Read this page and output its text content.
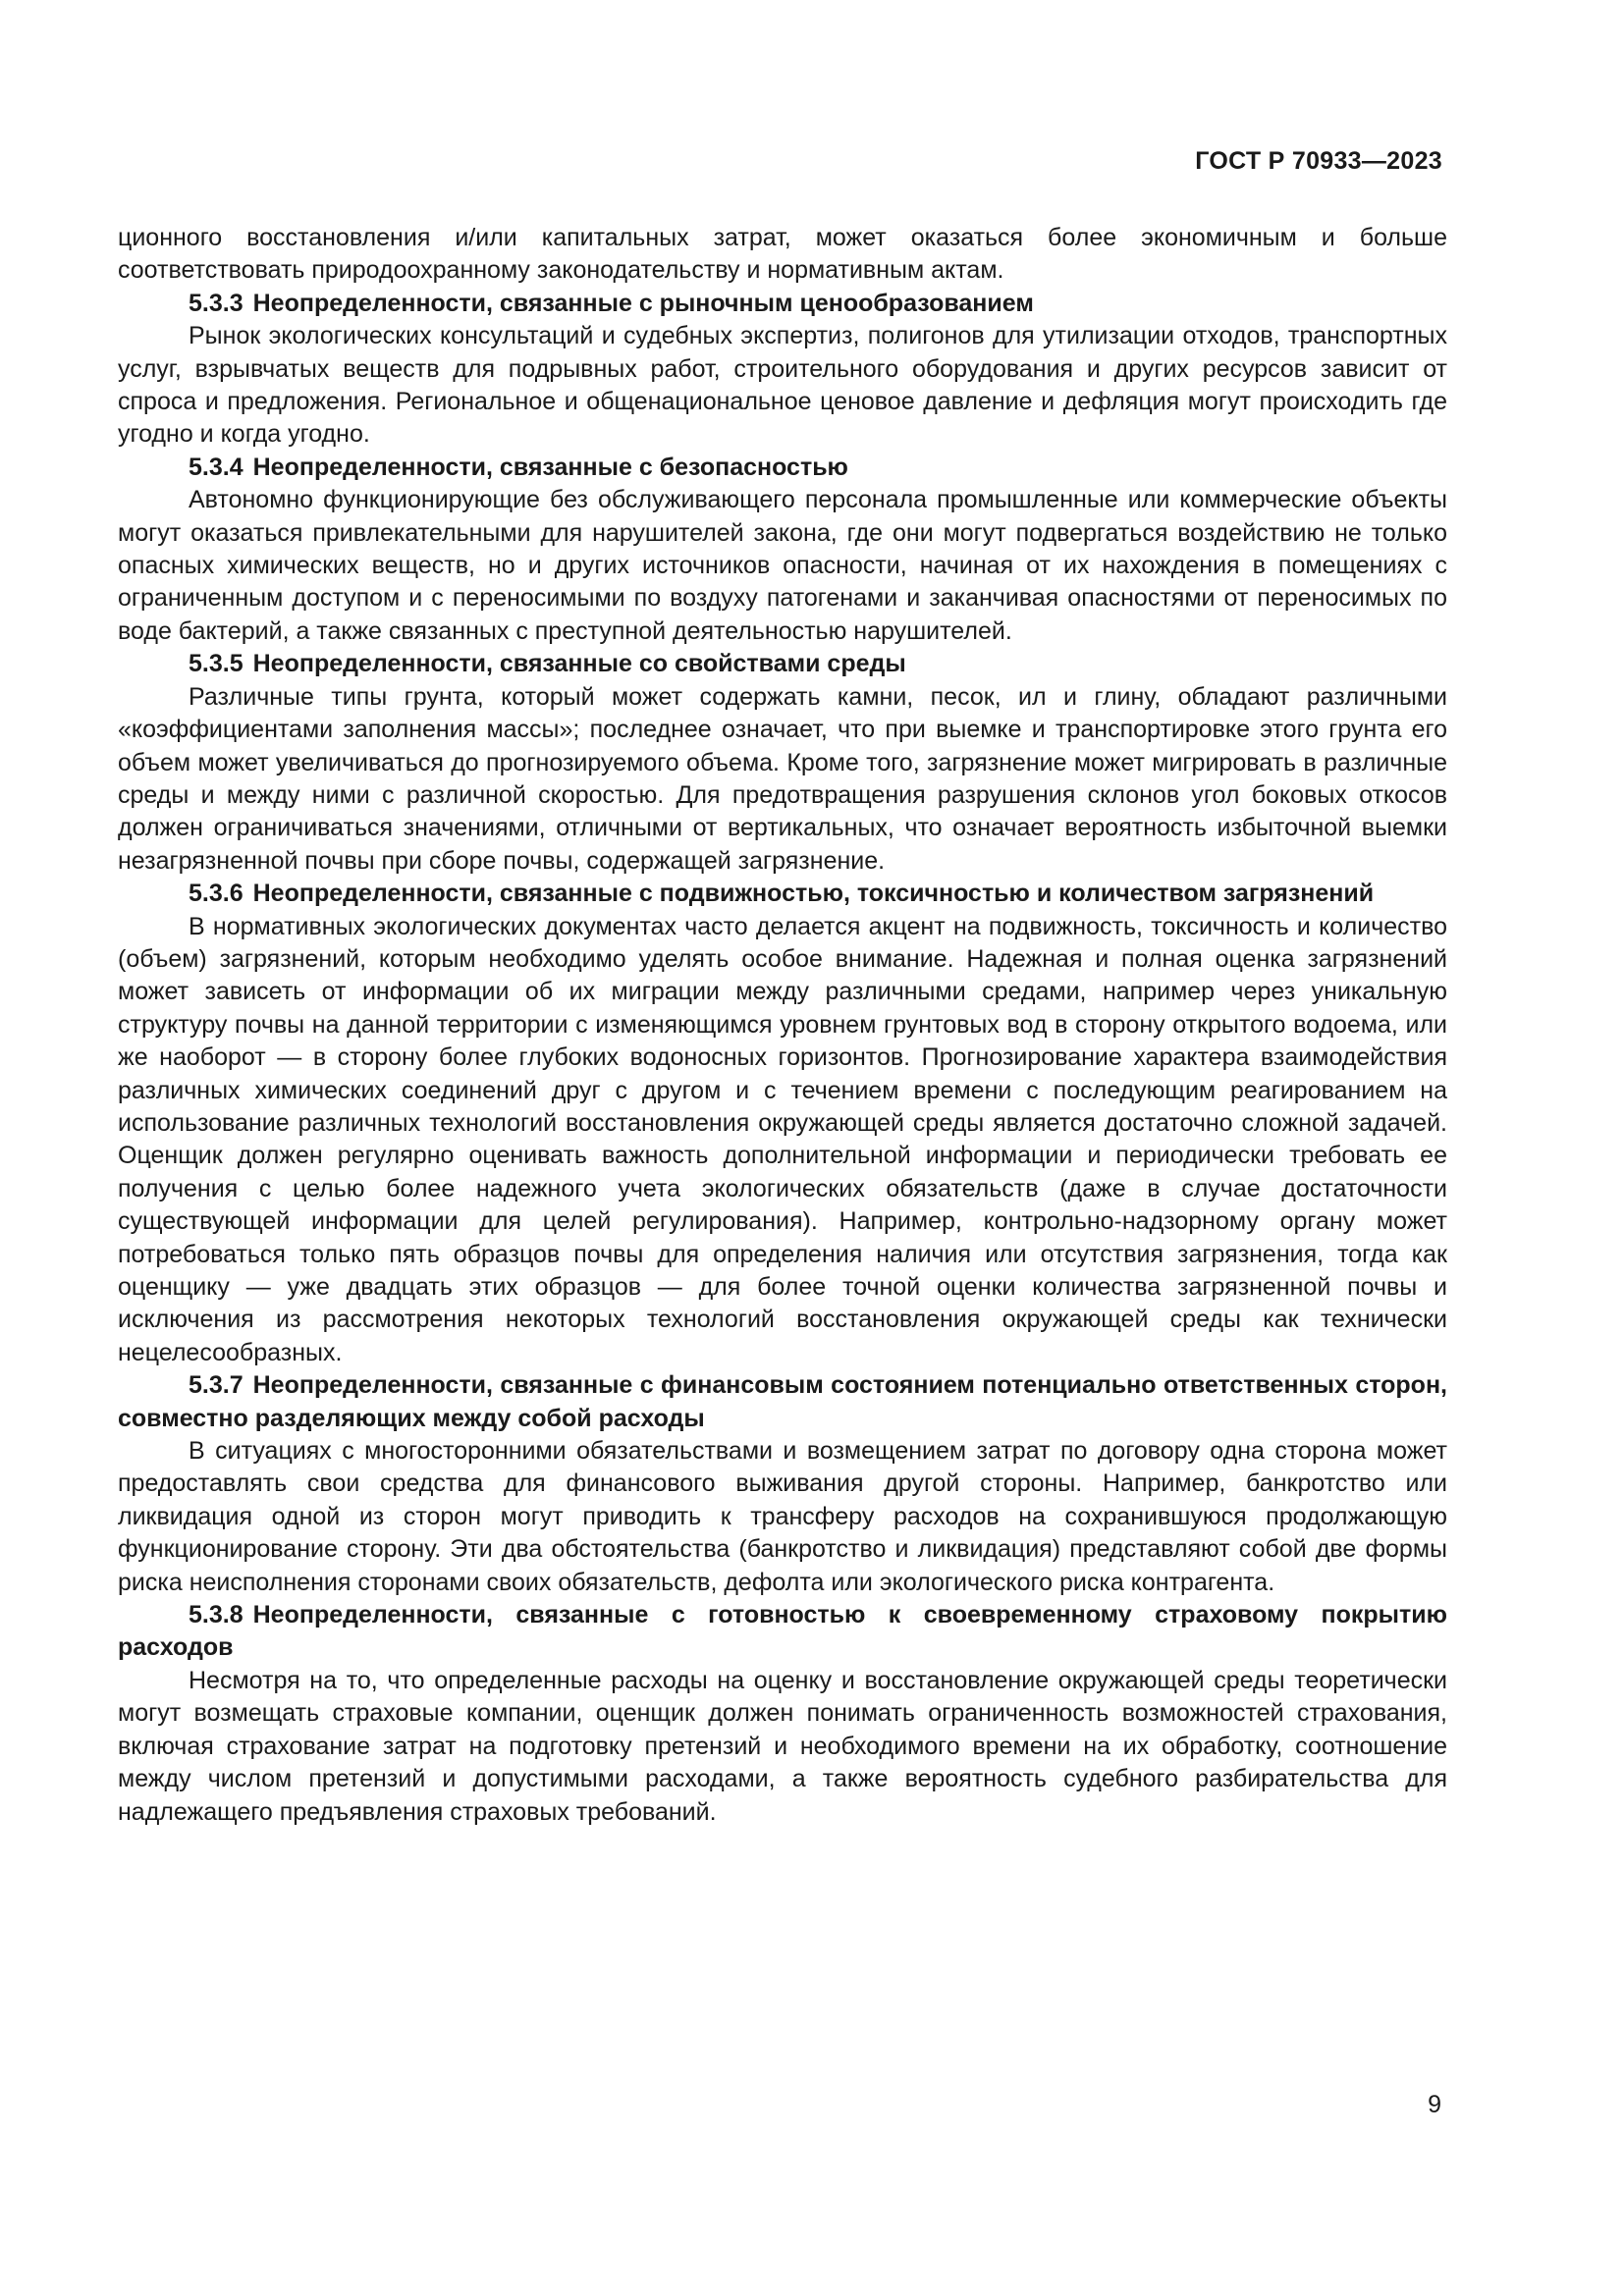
ГОСТ Р 70933—2023

ционного восстановления и/или капитальных затрат, может оказаться более экономичным и больше соответствовать природоохранному законодательству и нормативным актам.

5.3.3 Неопределенности, связанные с рыночным ценообразованием

Рынок экологических консультаций и судебных экспертиз, полигонов для утилизации отходов, транспортных услуг, взрывчатых веществ для подрывных работ, строительного оборудования и других ресурсов зависит от спроса и предложения. Региональное и общенациональное ценовое давление и дефляция могут происходить где угодно и когда угодно.

5.3.4 Неопределенности, связанные с безопасностью

Автономно функционирующие без обслуживающего персонала промышленные или коммерческие объекты могут оказаться привлекательными для нарушителей закона, где они могут подвергаться воздействию не только опасных химических веществ, но и других источников опасности, начиная от их нахождения в помещениях с ограниченным доступом и с переносимыми по воздуху патогенами и заканчивая опасностями от переносимых по воде бактерий, а также связанных с преступной деятельностью нарушителей.

5.3.5 Неопределенности, связанные со свойствами среды

Различные типы грунта, который может содержать камни, песок, ил и глину, обладают различными «коэффициентами заполнения массы»; последнее означает, что при выемке и транспортировке этого грунта его объем может увеличиваться до прогнозируемого объема. Кроме того, загрязнение может мигрировать в различные среды и между ними с различной скоростью. Для предотвращения разрушения склонов угол боковых откосов должен ограничиваться значениями, отличными от вертикальных, что означает вероятность избыточной выемки незагрязненной почвы при сборе почвы, содержащей загрязнение.

5.3.6 Неопределенности, связанные с подвижностью, токсичностью и количеством загрязнений

В нормативных экологических документах часто делается акцент на подвижность, токсичность и количество (объем) загрязнений, которым необходимо уделять особое внимание. Надежная и полная оценка загрязнений может зависеть от информации об их миграции между различными средами, например через уникальную структуру почвы на данной территории с изменяющимся уровнем грунтовых вод в сторону открытого водоема, или же наоборот — в сторону более глубоких водоносных горизонтов. Прогнозирование характера взаимодействия различных химических соединений друг с другом и с течением времени с последующим реагированием на использование различных технологий восстановления окружающей среды является достаточно сложной задачей. Оценщик должен регулярно оценивать важность дополнительной информации и периодически требовать ее получения с целью более надежного учета экологических обязательств (даже в случае достаточности существующей информации для целей регулирования). Например, контрольно-надзорному органу может потребоваться только пять образцов почвы для определения наличия или отсутствия загрязнения, тогда как оценщику — уже двадцать этих образцов — для более точной оценки количества загрязненной почвы и исключения из рассмотрения некоторых технологий восстановления окружающей среды как технически нецелесообразных.

5.3.7 Неопределенности, связанные с финансовым состоянием потенциально ответственных сторон, совместно разделяющих между собой расходы

В ситуациях с многосторонними обязательствами и возмещением затрат по договору одна сторона может предоставлять свои средства для финансового выживания другой стороны. Например, банкротство или ликвидация одной из сторон могут приводить к трансферу расходов на сохранившуюся продолжающую функционирование сторону. Эти два обстоятельства (банкротство и ликвидация) представляют собой две формы риска неисполнения сторонами своих обязательств, дефолта или экологического риска контрагента.

5.3.8 Неопределенности, связанные с готовностью к своевременному страховому покрытию расходов

Несмотря на то, что определенные расходы на оценку и восстановление окружающей среды теоретически могут возмещать страховые компании, оценщик должен понимать ограниченность возможностей страхования, включая страхование затрат на подготовку претензий и необходимого времени на их обработку, соотношение между числом претензий и допустимыми расходами, а также вероятность судебного разбирательства для надлежащего предъявления страховых требований.

9
